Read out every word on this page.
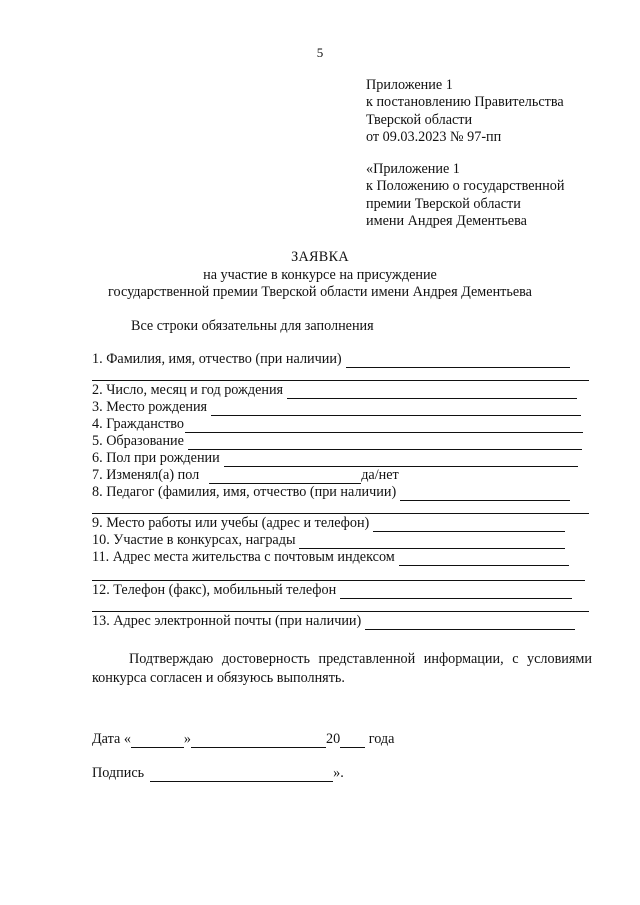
5
Приложение 1
к постановлению Правительства
Тверской области
от 09.03.2023 № 97-пп
«Приложение 1
к Положению о государственной
премии Тверской области
имени Андрея Дементьева
ЗАЯВКА
на участие в конкурсе на присуждение
государственной премии Тверской области имени Андрея Дементьева
Все строки обязательны для заполнения
1. Фамилия, имя, отчество (при наличии)
2. Число, месяц и год рождения
3. Место рождения
4. Гражданство
5. Образование
6. Пол при рождении
7. Изменял(а) пол	да/нет
8. Педагог (фамилия, имя, отчество (при наличии)
9. Место работы или учебы (адрес и телефон)
10. Участие в конкурсах, награды
11. Адрес места жительства с почтовым индексом
12. Телефон (факс), мобильный телефон
13. Адрес электронной почты (при наличии)

Подтверждаю достоверность представленной информации, с условиями конкурса согласен и обязуюсь выполнять.

Дата «	»	20 года
Подпись	».
